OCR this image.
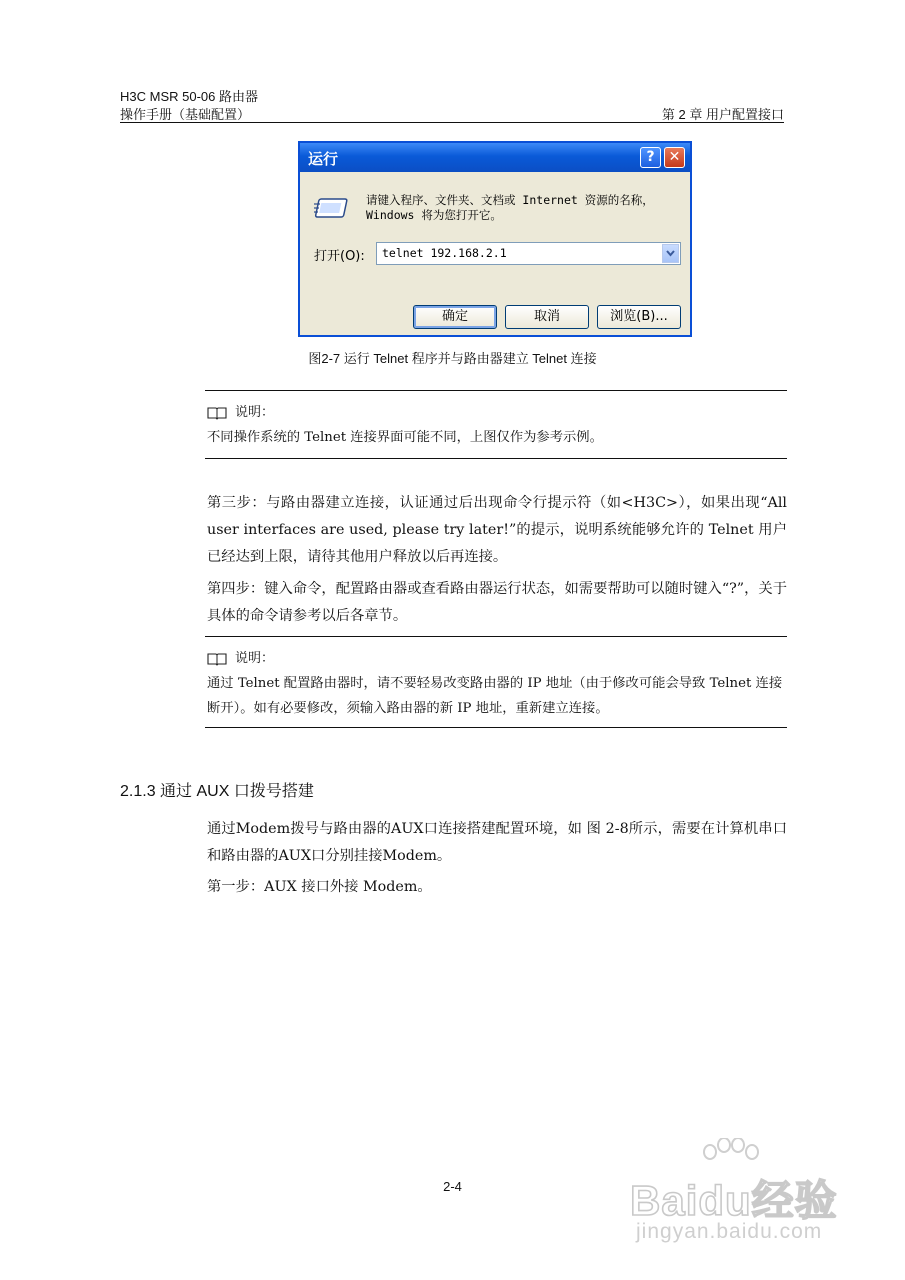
H3C MSR 50-06 路由器
操作手册（基础配置）	第 2 章 用户配置接口
运行	?	✕
请键入程序、文件夹、文档或 Internet 资源的名称，Windows 将为您打开它。
打开(O): telnet 192.168.2.1
确定	取消	浏览(B)...
图2-7 运行 Telnet 程序并与路由器建立 Telnet 连接
说明：
不同操作系统的 Telnet 连接界面可能不同，上图仅作为参考示例。
第三步：与路由器建立连接，认证通过后出现命令行提示符（如<H3C>），如果出现“All user interfaces are used, please try later!”的提示，说明系统能够允许的 Telnet 用户已经达到上限，请待其他用户释放以后再连接。
第四步：键入命令，配置路由器或查看路由器运行状态，如需要帮助可以随时键入“?”，关于具体的命令请参考以后各章节。
说明：
通过 Telnet 配置路由器时，请不要轻易改变路由器的 IP 地址（由于修改可能会导致 Telnet 连接断开）。如有必要修改，须输入路由器的新 IP 地址，重新建立连接。
2.1.3 通过 AUX 口拨号搭建
通过Modem拨号与路由器的AUX口连接搭建配置环境，如 图 2-8所示，需要在计算机串口和路由器的AUX口分别挂接Modem。
第一步：AUX 接口外接 Modem。
2-4	Baidu经验
jingyan.baidu.com
